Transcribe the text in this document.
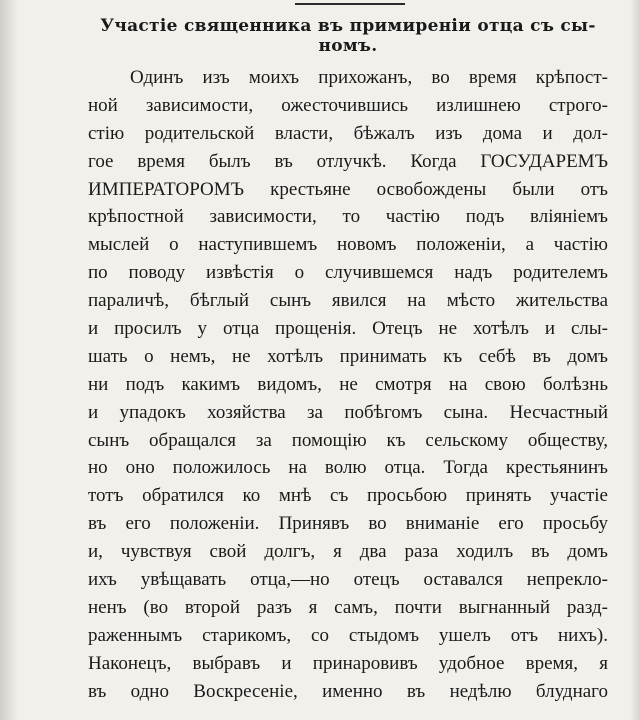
Участiе священника въ примиренiи отца съ сы-
номъ.
Одинъ изъ моихъ прихожанъ, во время крѣпост-
ной зависимости, ожесточившись излишнею строго-
стiю родительской власти, бѣжалъ изъ дома и дол-
гое время былъ въ отлучкѣ. Когда ГОСУДАРЕМЪ
ИМПЕРАТОРОМЪ крестьяне освобождены были отъ
крѣпостной зависимости, то частiю подъ влiянiемъ
мыслей о наступившемъ новомъ положенiи, а частiю
по поводу извѣстiя о случившемся надъ родителемъ
параличѣ, бѣглый сынъ явился на мѣсто жительства
и просилъ у отца прощенiя. Отецъ не хотѣлъ и слы-
шать о немъ, не хотѣлъ принимать къ себѣ въ домъ
ни подъ какимъ видомъ, не смотря на свою болѣзнь
и упадокъ хозяйства за побѣгомъ сына. Несчастный
сынъ обращался за помощiю къ сельскому обществу,
но оно положилось на волю отца. Тогда крестьянинъ
тотъ обратился ко мнѣ съ просьбою принять участiе
въ его положенiи. Принявъ во вниманiе его просьбу
и, чувствуя свой долгъ, я два раза ходилъ въ домъ
ихъ увѣщавать отца,—но отецъ оставался непрекло-
ненъ (во второй разъ я самъ, почти выгнанный разд-
раженнымъ старикомъ, со стыдомъ ушелъ отъ нихъ).
Наконецъ, выбравъ и принаровивъ удобное время, я
въ одно Воскресенiе, именно въ недѣлю блуднаго
